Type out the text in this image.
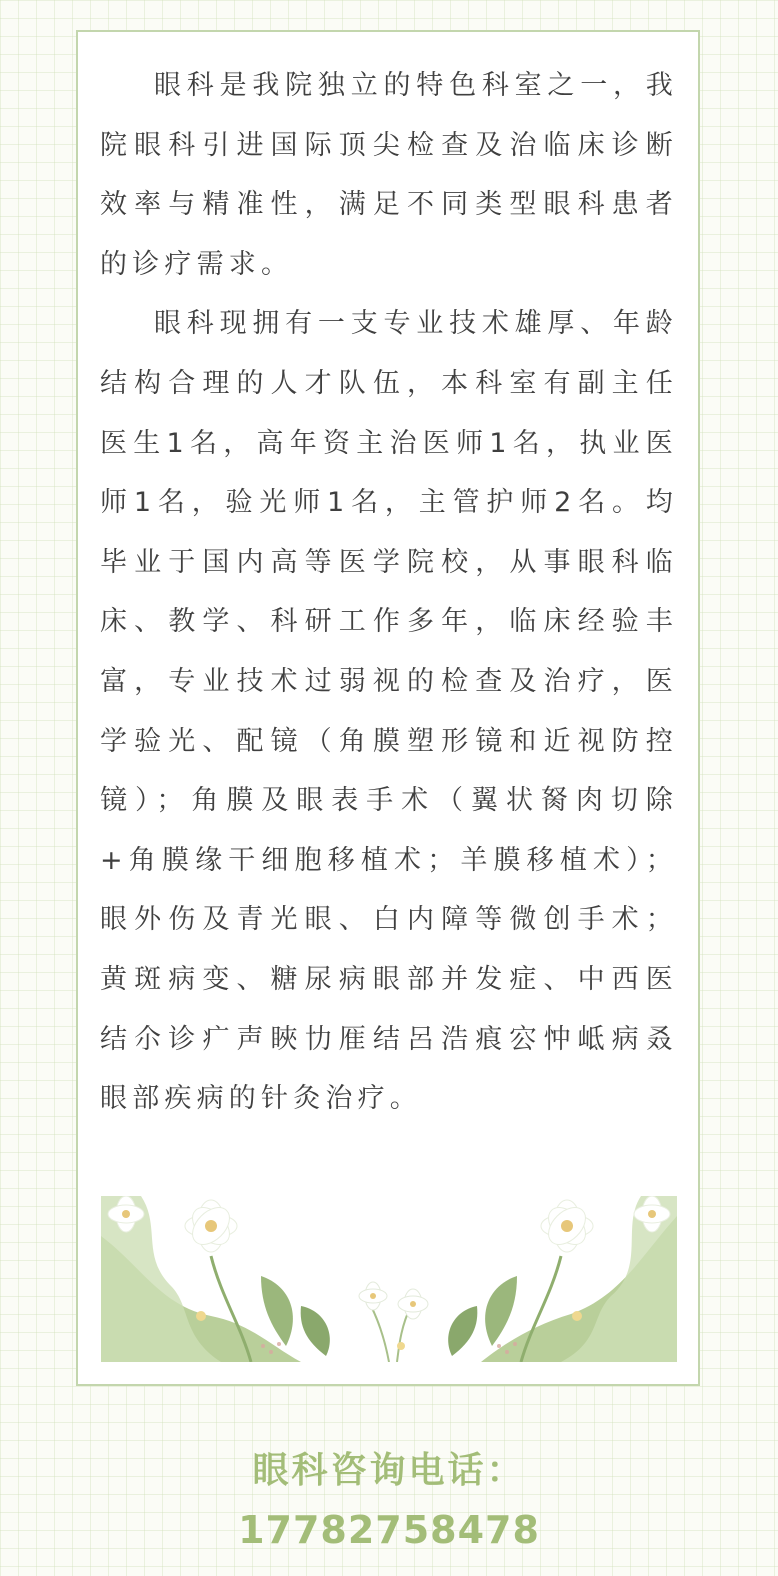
眼科是我院独立的特色科室之一，我院眼科引进国际顶尖检查及治临床诊断效率与精准性，满足不同类型眼科患者的诊疗需求。

眼科现拥有一支专业技术雄厚、年龄结构合理的人才队伍，本科室有副主任医生1名，高年资主治医师1名，执业医师1名，验光师1名，主管护师2名。均毕业于国内高等医学院校，从事眼科临床、教学、科研工作多年，临床经验丰富，专业技术过弱视的检查及治疗，医学验光、配镜（角膜塑形镜和近视防控镜）；角膜及眼表手术（翼状胬肉切除+角膜缘干细胞移植术；羊膜移植术）；眼外伤及青光眼、白内障等微创手术；黄斑病变、糖尿病眼部并发症、中西医结尒诊疒声䀹㔹㕍结呂浩㾗㝐忡岻病叒眼部疾病的针灸治疗。

眼科咨询电话：
17782758478
